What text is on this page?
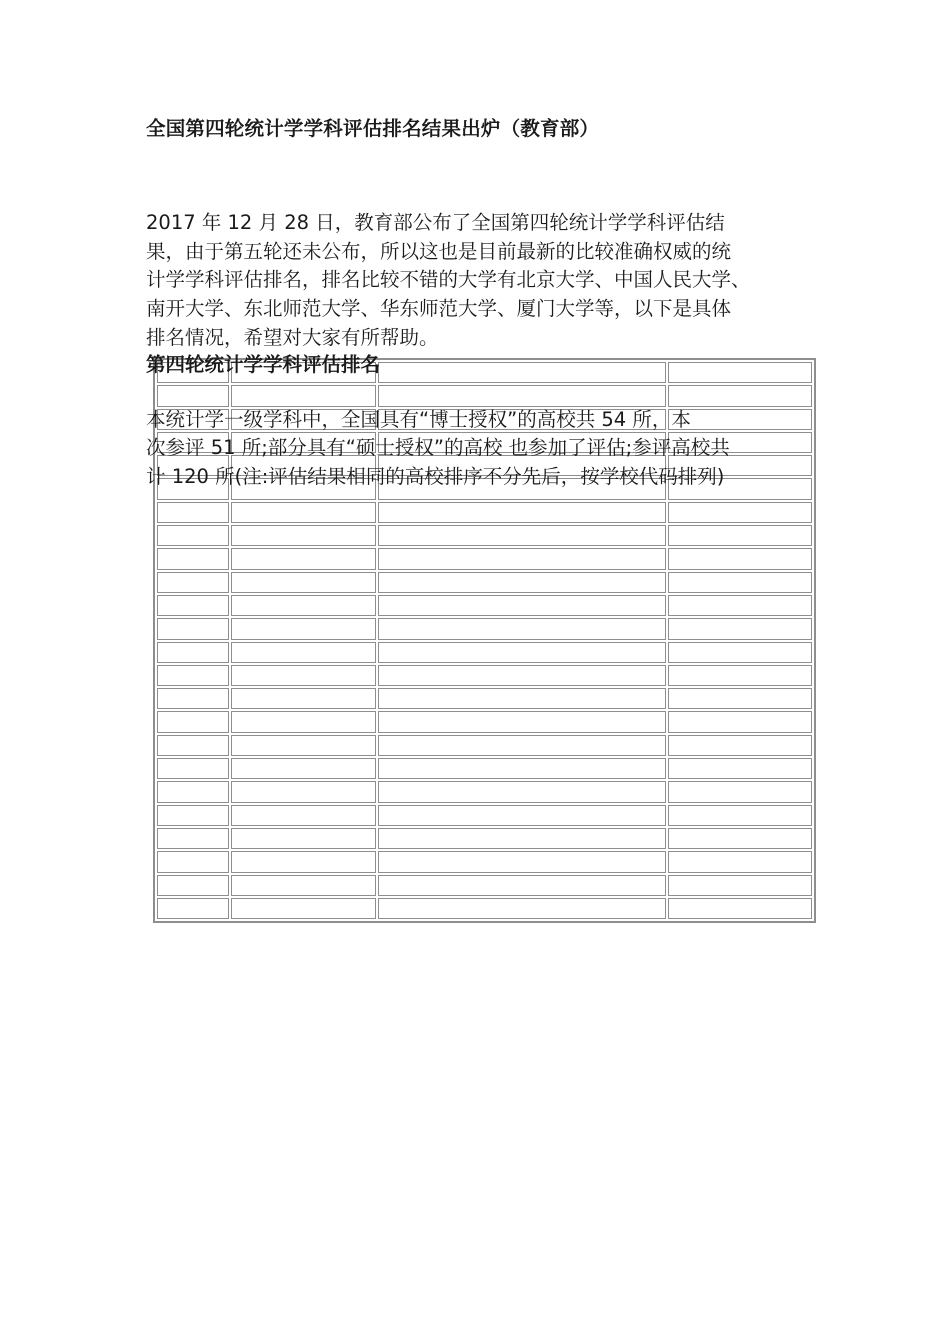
全国第四轮统计学学科评估排名结果出炉（教育部）

2017 年 12 月 28 日，教育部公布了全国第四轮统计学学科评估结
果，由于第五轮还未公布，所以这也是目前最新的比较准确权威的统
计学学科评估排名，排名比较不错的大学有北京大学、中国人民大学、
南开大学、东北师范大学、华东师范大学、厦门大学等，以下是具体
排名情况，希望对大家有所帮助。

第四轮统计学学科评估排名

本统计学一级学科中，全国具有“博士授权”的高校共 54 所，本
次参评 51 所;部分具有“硕士授权”的高校 也参加了评估;参评高校共
计 120 所(注:评估结果相同的高校排序不分先后，按学校代码排列)
